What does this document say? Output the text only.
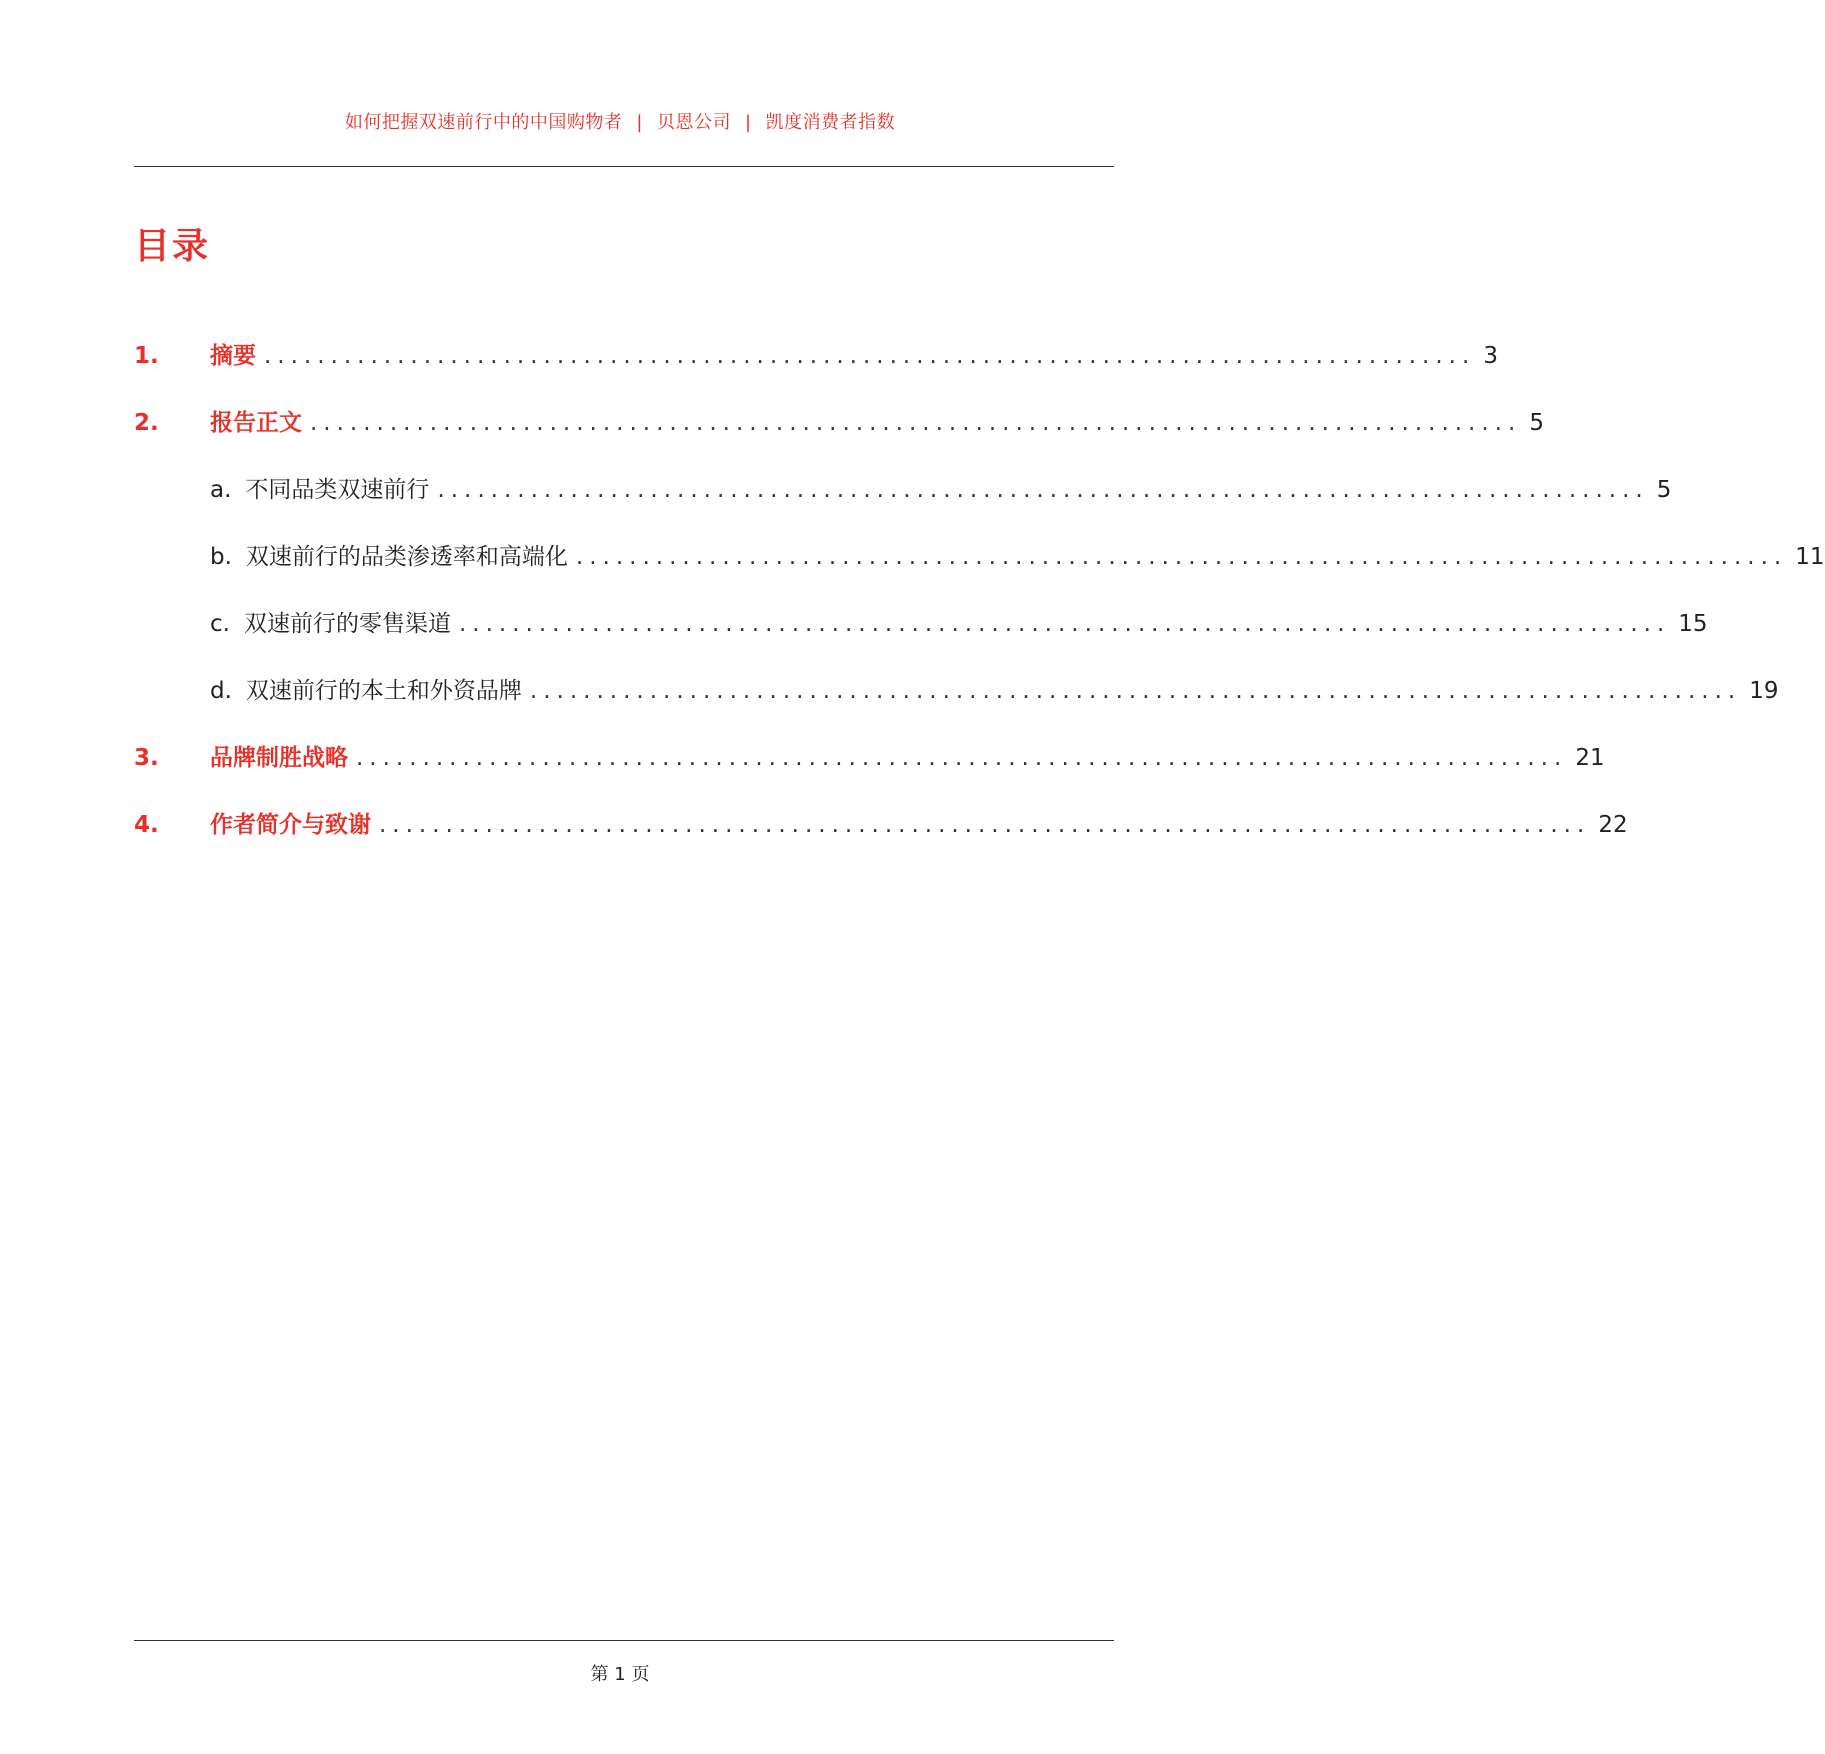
如何把握双速前行中的中国购物者 | 贝恩公司 | 凯度消费者指数
目录
1.	摘要 ........................................................................................... 3
2.	报告正文 ........................................................................................... 5
a. 不同品类双速前行 ........................................................................................... 5
b. 双速前行的品类渗透率和高端化 ........................................................................................... 11
c. 双速前行的零售渠道 ........................................................................................... 15
d. 双速前行的本土和外资品牌 ........................................................................................... 19
3.	品牌制胜战略 ........................................................................................... 21
4.	作者简介与致谢 ........................................................................................... 22
第 1 页
